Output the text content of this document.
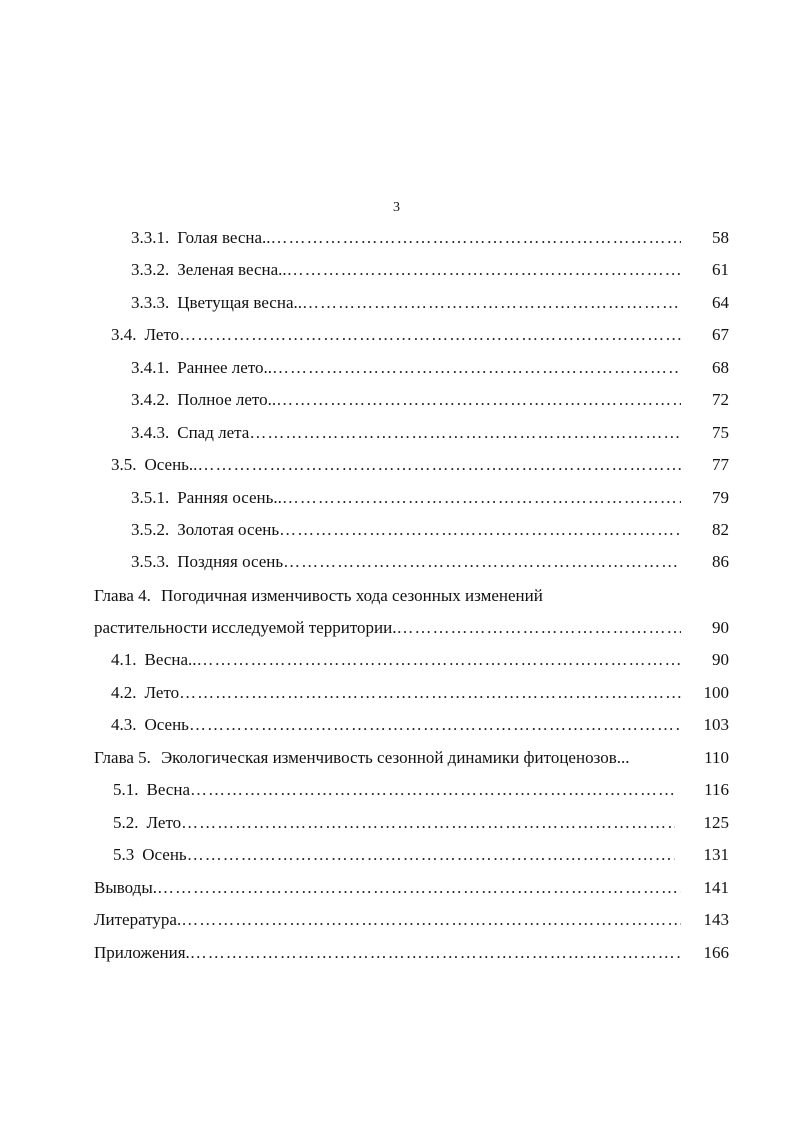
3
3.3.1. Голая весна.. …………………………………………………………………………………………………………………………………………	58
3.3.2. Зеленая весна.. …………………………………………………………………………………………………………………………………………	61
3.3.3. Цветущая весна.. …………………………………………………………………………………………………………………………………………	64
3.4. Лето …………………………………………………………………………………………………………………………………………	67
3.4.1. Раннее лето.. …………………………………………………………………………………………………………………………………………	68
3.4.2. Полное лето.. …………………………………………………………………………………………………………………………………………	72
3.4.3. Спад лета …………………………………………………………………………………………………………………………………………	75
3.5. Осень.. …………………………………………………………………………………………………………………………………………	77
3.5.1. Ранняя осень.. …………………………………………………………………………………………………………………………………………	79
3.5.2. Золотая осень …………………………………………………………………………………………………………………………………………	82
3.5.3. Поздняя осень …………………………………………………………………………………………………………………………………………	86
Глава 4. Погодичная изменчивость хода сезонных изменений
растительности исследуемой территории. …………………………………………………………………………………………………………………………………………	90
4.1. Весна.. …………………………………………………………………………………………………………………………………………	90
4.2. Лето …………………………………………………………………………………………………………………………………………	100
4.3. Осень …………………………………………………………………………………………………………………………………………	103
Глава 5. Экологическая изменчивость сезонной динамики фитоценозов...	110
5.1. Весна …………………………………………………………………………………………………………………………………………	116
5.2. Лето …………………………………………………………………………………………………………………………………………	125
5.3 Осень …………………………………………………………………………………………………………………………………………	131
Выводы. …………………………………………………………………………………………………………………………………………	141
Литература. …………………………………………………………………………………………………………………………………………	143
Приложения. …………………………………………………………………………………………………………………………………………	166
